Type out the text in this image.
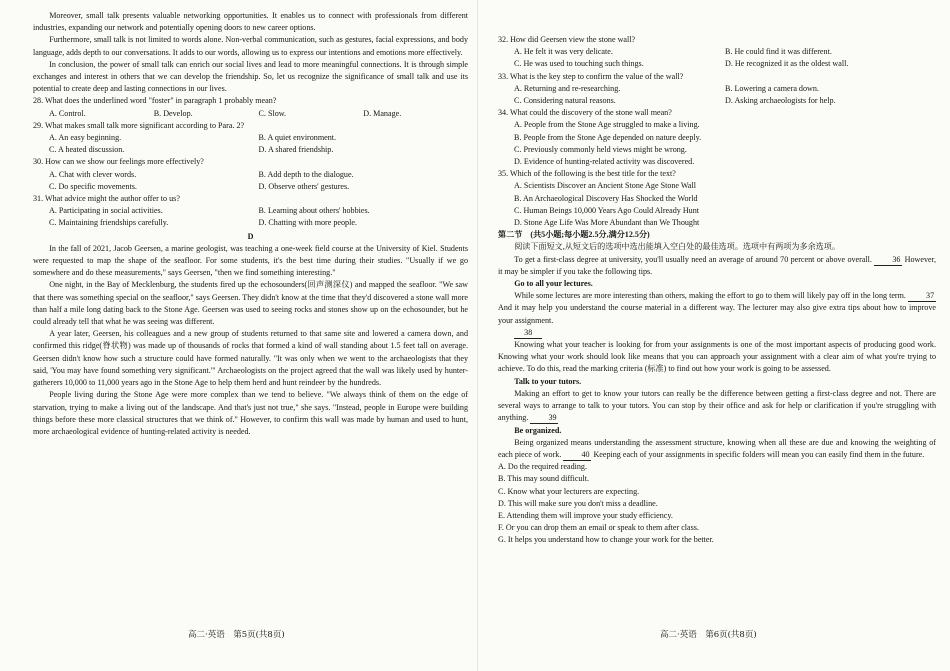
Moreover, small talk presents valuable networking opportunities. It enables us to connect with professionals from different industries, expanding our network and potentially opening doors to new career options.

Furthermore, small talk is not limited to words alone. Non-verbal communication, such as gestures, facial expressions, and body language, adds depth to our conversations. It adds to our words, allowing us to express our intentions and emotions more effectively.

In conclusion, the power of small talk can enrich our social lives and lead to more meaningful connections. It is through simple exchanges and interest in others that we can develop the friendship. So, let us recognize the significance of small talk and use its potential to create deep and lasting connections in our lives.

28. What does the underlined word "foster" in paragraph 1 probably mean?
A. Control.	B. Develop.	C. Slow.	D. Manage.
29. What makes small talk more significant according to Para. 2?
A. An easy beginning.	B. A quiet environment.
C. A heated discussion.	D. A shared friendship.
30. How can we show our feelings more effectively?
A. Chat with clever words.	B. Add depth to the dialogue.
C. Do specific movements.	D. Observe others' gestures.
31. What advice might the author offer to us?
A. Participating in social activities.	B. Learning about others' hobbies.
C. Maintaining friendships carefully.	D. Chatting with more people.
D

In the fall of 2021, Jacob Geersen, a marine geologist, was teaching a one-week field course at the University of Kiel. Students were requested to map the shape of the seafloor. For some students, it's the best time during their studies. "Usually if we go somewhere and do these measurements," says Geersen, "then we find something interesting."

One night, in the Bay of Mecklenburg, the students fired up the echosounders(回声测深仪) and mapped the seafloor. "We saw that there was something special on the seafloor," says Geersen. They didn't know at the time that they'd discovered a stone wall more than half a mile long dating back to the Stone Age. Geersen was used to seeing rocks and stones show up on the echosounder, but he could already tell that what he was seeing was different.

A year later, Geersen, his colleagues and a new group of students returned to that same site and lowered a camera down, and confirmed this ridge(脊状物) was made up of thousands of rocks that formed a kind of wall standing about 1.5 feet tall on average. Geersen didn't know how such a structure could have formed naturally. "It was only when we went to the archaeologists that they said, 'You may have found something very significant.'" Archaeologists on the project agreed that the wall was likely used by hunter-gatherers 10,000 to 11,000 years ago in the Stone Age to help them herd and hunt reindeer by the hundreds.

People living during the Stone Age were more complex than we tend to believe. "We always think of them on the edge of starvation, trying to make a living out of the landscape. And that's just not true," she says. "Instead, people in Europe were building things before these more classical structures that we think of." However, to confirm this wall was made by human and used to hunt, more archaeological evidence of hunting-related activity is needed.

高二·英语　第5页(共8页)
32. How did Geersen view the stone wall?
A. He felt it was very delicate.	B. He could find it was different.
C. He was used to touching such things.	D. He recognized it as the oldest wall.
33. What is the key step to confirm the value of the wall?
A. Returning and re-researching.	B. Lowering a camera down.
C. Considering natural reasons.	D. Asking archaeologists for help.
34. What could the discovery of the stone wall mean?
A. People from the Stone Age struggled to make a living.
B. People from the Stone Age depended on nature deeply.
C. Previously commonly held views might be wrong.
D. Evidence of hunting-related activity was discovered.
35. Which of the following is the best title for the text?
A. Scientists Discover an Ancient Stone Age Stone Wall
B. An Archaeological Discovery Has Shocked the World
C. Human Beings 10,000 Years Ago Could Already Hunt
D. Stone Age Life Was More Abundant than We Thought
第二节　(共5小题;每小题2.5分,满分12.5分)

阅读下面短文,从短文后的选项中选出能填入空白处的最佳选项。选项中有两项为多余选项。

To get a first-class degree at university, you'll usually need an average of around 70 percent or above overall.	36 However, it may be simpler if you take the following tips.

Go to all your lectures.

While some lectures are more interesting than others, making the effort to go to them will likely pay off in the long term. 37 And it may help you understand the course material in a different way. The lecturer may also give extra tips about how to improve your assignment.

38

Knowing what your teacher is looking for from your assignments is one of the most important aspects of producing good work. Knowing what your work should look like means that you can approach your assignment with a clear aim of what you're trying to achieve. To do this, read the marking criteria (标准) to find out how your work is going to be assessed.

Talk to your tutors.

Making an effort to get to know your tutors can really be the difference between getting a first-class degree and not. There are several ways to arrange to talk to your tutors. You can stop by their office and ask for help or clarification if you're struggling with anything. 39

Be organized.

Being organized means understanding the assessment structure, knowing when all these are due and knowing the weighting of each piece of work. 40 Keeping each of your assignments in specific folders will mean you can easily find them in the future.

A. Do the required reading.
B. This may sound difficult.
C. Know what your lecturers are expecting.
D. This will make sure you don't miss a deadline.
E. Attending them will improve your study efficiency.
F. Or you can drop them an email or speak to them after class.
G. It helps you understand how to change your work for the better.
高二·英语　第6页(共8页)
